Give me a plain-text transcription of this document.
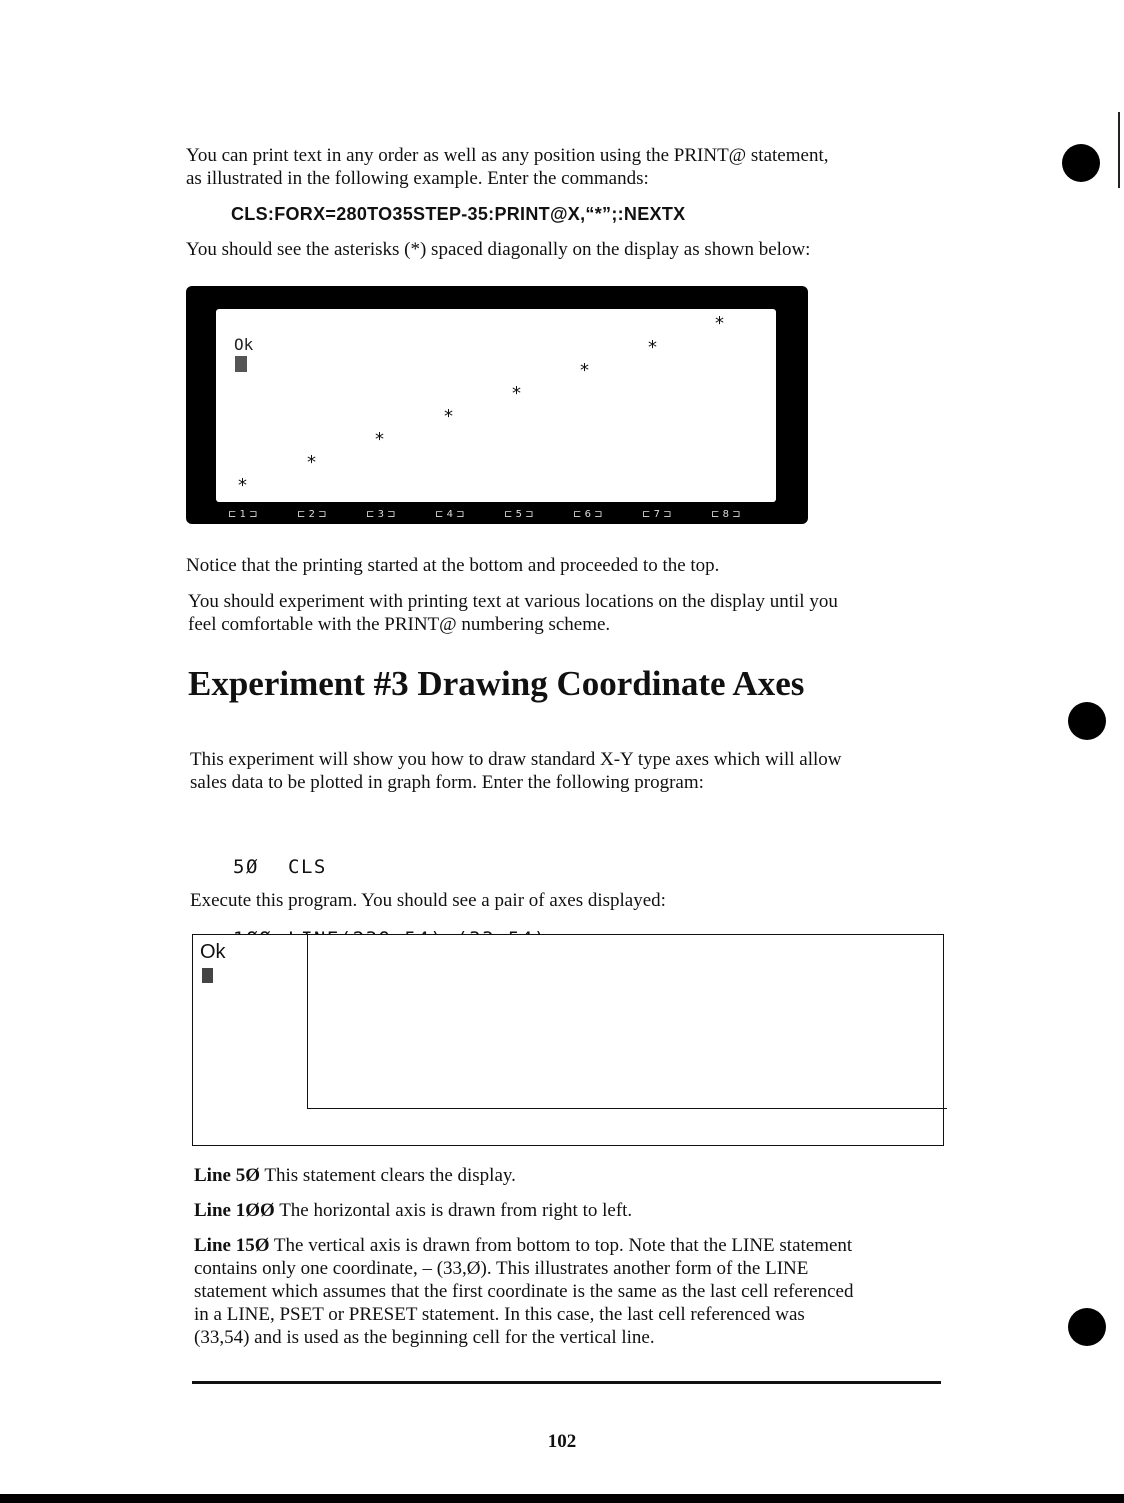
You can print text in any order as well as any position using the PRINT@ statement,

as illustrated in the following example. Enter the commands:

CLS:FORX=280TO35STEP-35:PRINT@X,“*”;:NEXTX

You should see the asterisks (*) spaced diagonally on the display as shown below:

Ok
*
*
*
*
*
*
*
*
⊏ 1 ⊐	⊏ 2 ⊐	⊏ 3 ⊐	⊏ 4 ⊐	⊏ 5 ⊐	⊏ 6 ⊐	⊏ 7 ⊐	⊏ 8 ⊐

Notice that the printing started at the bottom and proceeded to the top.

You should experiment with printing text at various locations on the display until you

feel comfortable with the PRINT@ numbering scheme.

Experiment #3 Drawing Coordinate Axes

This experiment will show you how to draw standard X-Y type axes which will allow

sales data to be plotted in graph form. Enter the following program:

5Ø CLS

Execute this program. You should see a pair of axes displayed:

Ok

Line 5Ø This statement clears the display.

Line 1ØØ The horizontal axis is drawn from right to left.

Line 15Ø The vertical axis is drawn from bottom to top. Note that the LINE statement

contains only one coordinate, – (33,Ø). This illustrates another form of the LINE

statement which assumes that the first coordinate is the same as the last cell referenced

in a LINE, PSET or PRESET statement. In this case, the last cell referenced was

(33,54) and is used as the beginning cell for the vertical line.

102
